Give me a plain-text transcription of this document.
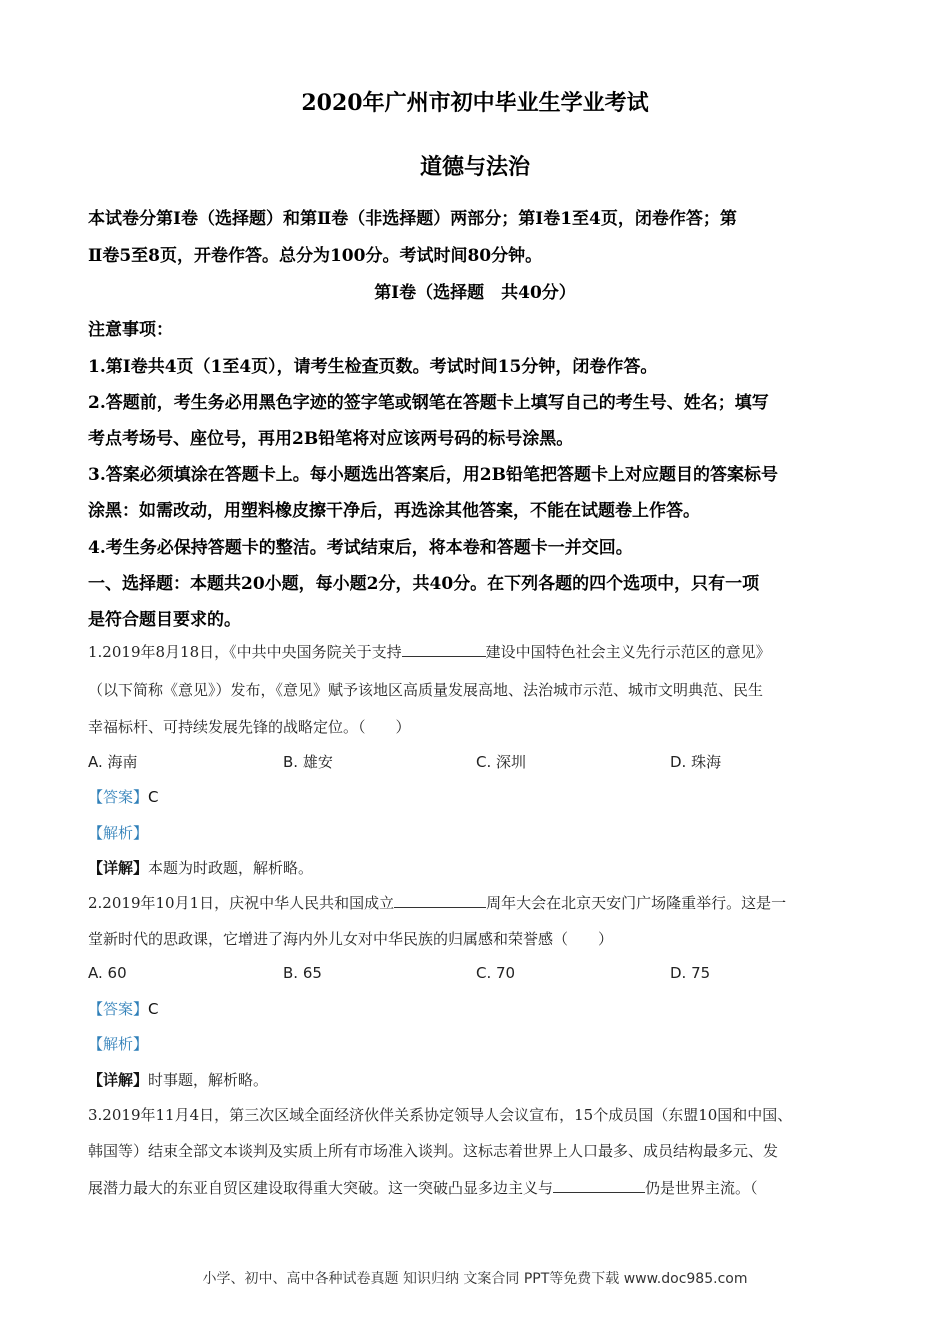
2020年广州市初中毕业生学业考试
道德与法治
本试卷分第Ⅰ卷（选择题）和第Ⅱ卷（非选择题）两部分；第Ⅰ卷1至4页，闭卷作答；第
Ⅱ卷5至8页，开卷作答。总分为100分。考试时间80分钟。
第Ⅰ卷（选择题　共40分）
注意事项：
1.第Ⅰ卷共4页（1至4页），请考生检查页数。考试时间15分钟，闭卷作答。
2.答题前，考生务必用黑色字迹的签字笔或钢笔在答题卡上填写自己的考生号、姓名；填写
考点考场号、座位号，再用2B铅笔将对应该两号码的标号涂黑。
3.答案必须填涂在答题卡上。每小题选出答案后，用2B铅笔把答题卡上对应题目的答案标号
涂黑：如需改动，用塑料橡皮擦干净后，再选涂其他答案，不能在试题卷上作答。
4.考生务必保持答题卡的整洁。考试结束后，将本卷和答题卡一并交回。
一、选择题：本题共20小题，每小题2分，共40分。在下列各题的四个选项中，只有一项
是符合题目要求的。
1.2019年8月18日，《中共中央国务院关于支持	建设中国特色社会主义先行示范区的意见》
（以下简称《意见》）发布，《意见》赋予该地区高质量发展高地、法治城市示范、城市文明典范、民生
幸福标杆、可持续发展先锋的战略定位。（　　）
A. 海南	B. 雄安	C. 深圳	D. 珠海
【答案】C
【解析】
【详解】本题为时政题，解析略。
2.2019年10月1日，庆祝中华人民共和国成立	周年大会在北京天安门广场隆重举行。这是一
堂新时代的思政课，它增进了海内外儿女对中华民族的归属感和荣誉感（　　）
A. 60	B. 65	C. 70	D. 75
【答案】C
【解析】
【详解】时事题，解析略。
3.2019年11月4日，第三次区域全面经济伙伴关系协定领导人会议宣布，15个成员国（东盟10国和中国、
韩国等）结束全部文本谈判及实质上所有市场准入谈判。这标志着世界上人口最多、成员结构最多元、发
展潜力最大的东亚自贸区建设取得重大突破。这一突破凸显多边主义与	仍是世界主流。（
小学、初中、高中各种试卷真题 知识归纳 文案合同 PPT等免费下载 www.doc985.com
